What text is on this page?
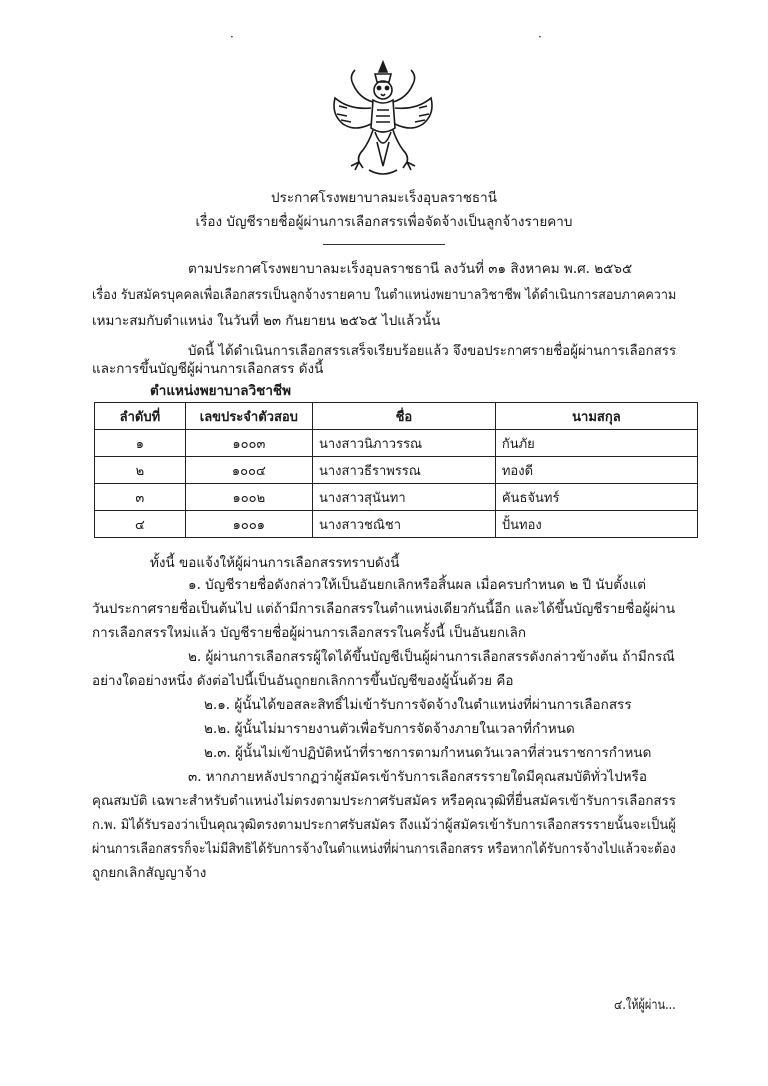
·	·
ประกาศโรงพยาบาลมะเร็งอุบลราชธานี
เรื่อง บัญชีรายชื่อผู้ผ่านการเลือกสรรเพื่อจัดจ้างเป็นลูกจ้างรายคาบ
ตามประกาศโรงพยาบาลมะเร็งอุบลราชธานี ลงวันที่ ๓๑ สิงหาคม พ.ศ. ๒๕๖๕
เรื่อง รับสมัครบุคคลเพื่อเลือกสรรเป็นลูกจ้างรายคาบ ในตำแหน่งพยาบาลวิชาชีพ ได้ดำเนินการสอบภาคความ
เหมาะสมกับตำแหน่ง ในวันที่ ๒๓ กันยายน ๒๕๖๕ ไปแล้วนั้น
บัดนี้ ได้ดำเนินการเลือกสรรเสร็จเรียบร้อยแล้ว จึงขอประกาศรายชื่อผู้ผ่านการเลือกสรร
และการขึ้นบัญชีผู้ผ่านการเลือกสรร ดังนี้
ตำแหน่งพยาบาลวิชาชีพ
ลำดับที่	เลขประจำตัวสอบ	ชื่อ	นามสกุล
๑	๑๐๐๓	นางสาวนิภาวรรณ	กันภัย
๒	๑๐๐๔	นางสาวธีราพรรณ	ทองดี
๓	๑๐๐๒	นางสาวสุนันทา	คันธจันทร์
๔	๑๐๐๑	นางสาวชณิชา	ปั้นทอง
ทั้งนี้ ขอแจ้งให้ผู้ผ่านการเลือกสรรทราบดังนี้
๑. บัญชีรายชื่อดังกล่าวให้เป็นอันยกเลิกหรือสิ้นผล เมื่อครบกำหนด ๒ ปี นับตั้งแต่
วันประกาศรายชื่อเป็นต้นไป แต่ถ้ามีการเลือกสรรในตำแหน่งเดียวกันนี้อีก และได้ขึ้นบัญชีรายชื่อผู้ผ่าน
การเลือกสรรใหม่แล้ว บัญชีรายชื่อผู้ผ่านการเลือกสรรในครั้งนี้ เป็นอันยกเลิก
๒. ผู้ผ่านการเลือกสรรผู้ใดได้ขึ้นบัญชีเป็นผู้ผ่านการเลือกสรรดังกล่าวข้างต้น ถ้ามีกรณี
อย่างใดอย่างหนึ่ง ดังต่อไปนี้เป็นอันถูกยกเลิกการขึ้นบัญชีของผู้นั้นด้วย คือ
๒.๑. ผู้นั้นได้ขอสละสิทธิ์ไม่เข้ารับการจัดจ้างในตำแหน่งที่ผ่านการเลือกสรร
๒.๒. ผู้นั้นไม่มารายงานตัวเพื่อรับการจัดจ้างภายในเวลาที่กำหนด
๒.๓. ผู้นั้นไม่เข้าปฏิบัติหน้าที่ราชการตามกำหนดวันเวลาที่ส่วนราชการกำหนด
๓. หากภายหลังปรากฏว่าผู้สมัครเข้ารับการเลือกสรรรายใดมีคุณสมบัติทั่วไปหรือ
คุณสมบัติ เฉพาะสำหรับตำแหน่งไม่ตรงตามประกาศรับสมัคร หรือคุณวุฒิที่ยื่นสมัครเข้ารับการเลือกสรร
ก.พ. มิได้รับรองว่าเป็นคุณวุฒิตรงตามประกาศรับสมัคร ถึงแม้ว่าผู้สมัครเข้ารับการเลือกสรรรายนั้นจะเป็นผู้
ผ่านการเลือกสรรก็จะไม่มีสิทธิได้รับการจ้างในตำแหน่งที่ผ่านการเลือกสรร หรือหากได้รับการจ้างไปแล้วจะต้อง
ถูกยกเลิกสัญญาจ้าง
๔.ให้ผู้ผ่าน...
